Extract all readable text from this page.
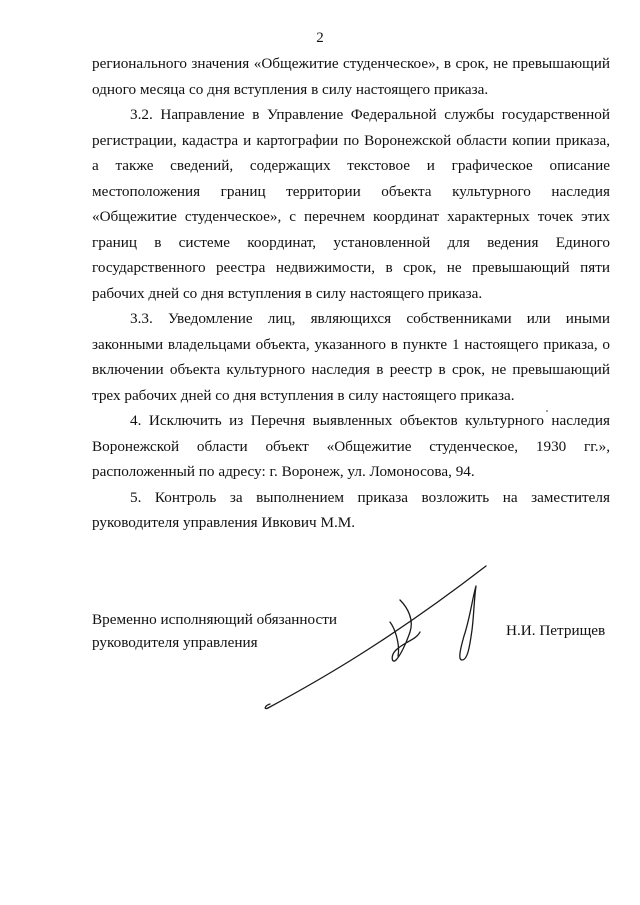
2

регионального значения «Общежитие студенческое», в срок, не превышающий одного месяца со дня вступления в силу настоящего приказа.

3.2. Направление в Управление Федеральной службы государственной регистрации, кадастра и картографии по Воронежской области копии приказа, а также сведений, содержащих текстовое и графическое описание местоположения границ территории объекта культурного наследия «Общежитие студенческое», с перечнем координат характерных точек этих границ в системе координат, установленной для ведения Единого государственного реестра недвижимости, в срок, не превышающий пяти рабочих дней со дня вступления в силу настоящего приказа.

3.3. Уведомление лиц, являющихся собственниками или иными законными владельцами объекта, указанного в пункте 1 настоящего приказа, о включении объекта культурного наследия в реестр в срок, не превышающий трех рабочих дней со дня вступления в силу настоящего приказа.

4. Исключить из Перечня выявленных объектов культурного наследия Воронежской области объект «Общежитие студенческое, 1930 гг.», расположенный по адресу: г. Воронеж, ул. Ломоносова, 94.

5. Контроль за выполнением приказа возложить на заместителя руководителя управления Ивкович М.М.

Временно исполняющий обязанности
руководителя управления
Н.И. Петрищев
